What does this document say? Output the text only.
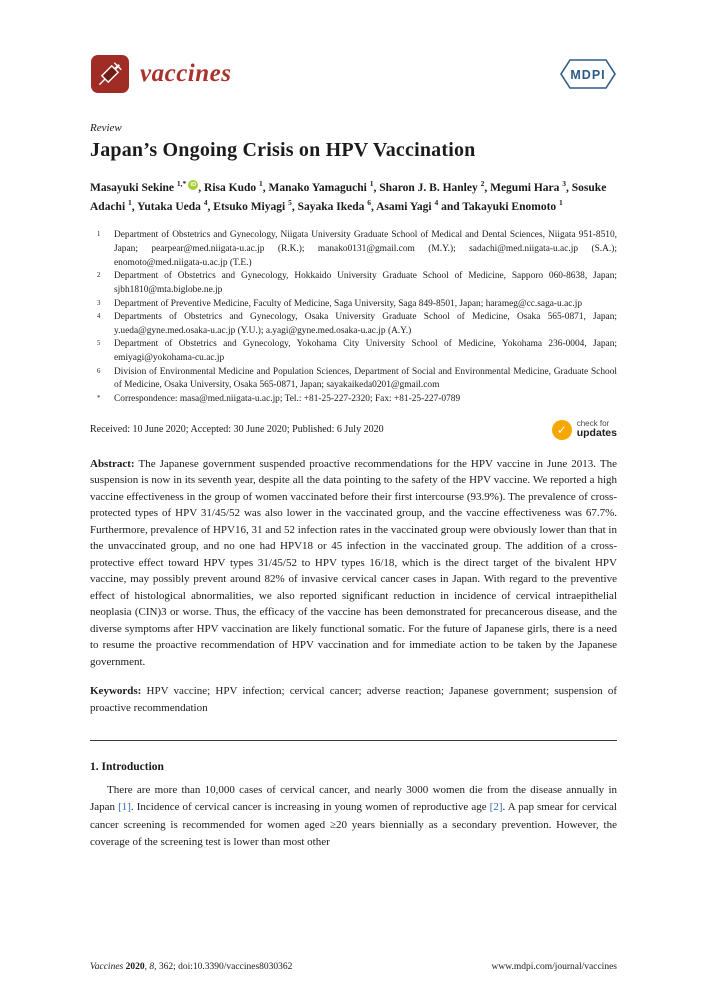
vaccines	MDPI
Review
Japan’s Ongoing Crisis on HPV Vaccination

Masayuki Sekine $^{1,*}$ iD , Risa Kudo $^1$, Manako Yamaguchi $^1$, Sharon J. B. Hanley $^2$, Megumi Hara $^3$, Sosuke Adachi $^1$, Yutaka Ueda $^4$, Etsuko Miyagi $^5$, Sayaka Ikeda $^6$, Asami Yagi $^4$ and Takayuki Enomoto $^1$

1	Department of Obstetrics and Gynecology, Niigata University Graduate School of Medical and Dental Sciences, Niigata 951-8510, Japan; pearpear@med.niigata-u.ac.jp (R.K.); manako0131@gmail.com (M.Y.); sadachi@med.niigata-u.ac.jp (S.A.); enomoto@med.niigata-u.ac.jp (T.E.)
2	Department of Obstetrics and Gynecology, Hokkaido University Graduate School of Medicine, Sapporo 060-8638, Japan; sjbh1810@mta.biglobe.ne.jp
3	Department of Preventive Medicine, Faculty of Medicine, Saga University, Saga 849-8501, Japan; harameg@cc.saga-u.ac.jp
4	Departments of Obstetrics and Gynecology, Osaka University Graduate School of Medicine, Osaka 565-0871, Japan; y.ueda@gyne.med.osaka-u.ac.jp (Y.U.); a.yagi@gyne.med.osaka-u.ac.jp (A.Y.)
5	Department of Obstetrics and Gynecology, Yokohama City University School of Medicine, Yokohama 236-0004, Japan; emiyagi@yokohama-cu.ac.jp
6	Division of Environmental Medicine and Population Sciences, Department of Social and Environmental Medicine, Graduate School of Medicine, Osaka University, Osaka 565-0871, Japan; sayakaikeda0201@gmail.com
*	Correspondence: masa@med.niigata-u.ac.jp; Tel.: +81-25-227-2320; Fax: +81-25-227-0789
Received: 10 June 2020; Accepted: 30 June 2020; Published: 6 July 2020	✓	check for
updates

Abstract: The Japanese government suspended proactive recommendations for the HPV vaccine in June 2013. The suspension is now in its seventh year, despite all the data pointing to the safety of the HPV vaccine. We reported a high vaccine effectiveness in the group of women vaccinated before their first intercourse (93.9%). The prevalence of cross-protected types of HPV 31/45/52 was also lower in the vaccinated group, and the vaccine effectiveness was 67.7%. Furthermore, prevalence of HPV16, 31 and 52 infection rates in the vaccinated group were obviously lower than that in the unvaccinated group, and no one had HPV18 or 45 infection in the vaccinated group. The addition of a cross-protective effect toward HPV types 31/45/52 to HPV types 16/18, which is the direct target of the bivalent HPV vaccine, may possibly prevent around 82% of invasive cervical cancer cases in Japan. With regard to the preventive effect of histological abnormalities, we also reported significant reduction in incidence of cervical intraepithelial neoplasia (CIN)3 or worse. Thus, the efficacy of the vaccine has been demonstrated for precancerous disease, and the diverse symptoms after HPV vaccination are likely functional somatic. For the future of Japanese girls, there is a need to resume the proactive recommendation of HPV vaccination and for immediate action to be taken by the Japanese government.

Keywords: HPV vaccine; HPV infection; cervical cancer; adverse reaction; Japanese government; suspension of proactive recommendation

1. Introduction

There are more than 10,000 cases of cervical cancer, and nearly 3000 women die from the disease annually in Japan [1]. Incidence of cervical cancer is increasing in young women of reproductive age [2]. A pap smear for cervical cancer screening is recommended for women aged ≥20 years biennially as a secondary prevention. However, the coverage of the screening test is lower than most other

Vaccines 2020, 8, 362; doi:10.3390/vaccines8030362	www.mdpi.com/journal/vaccines
